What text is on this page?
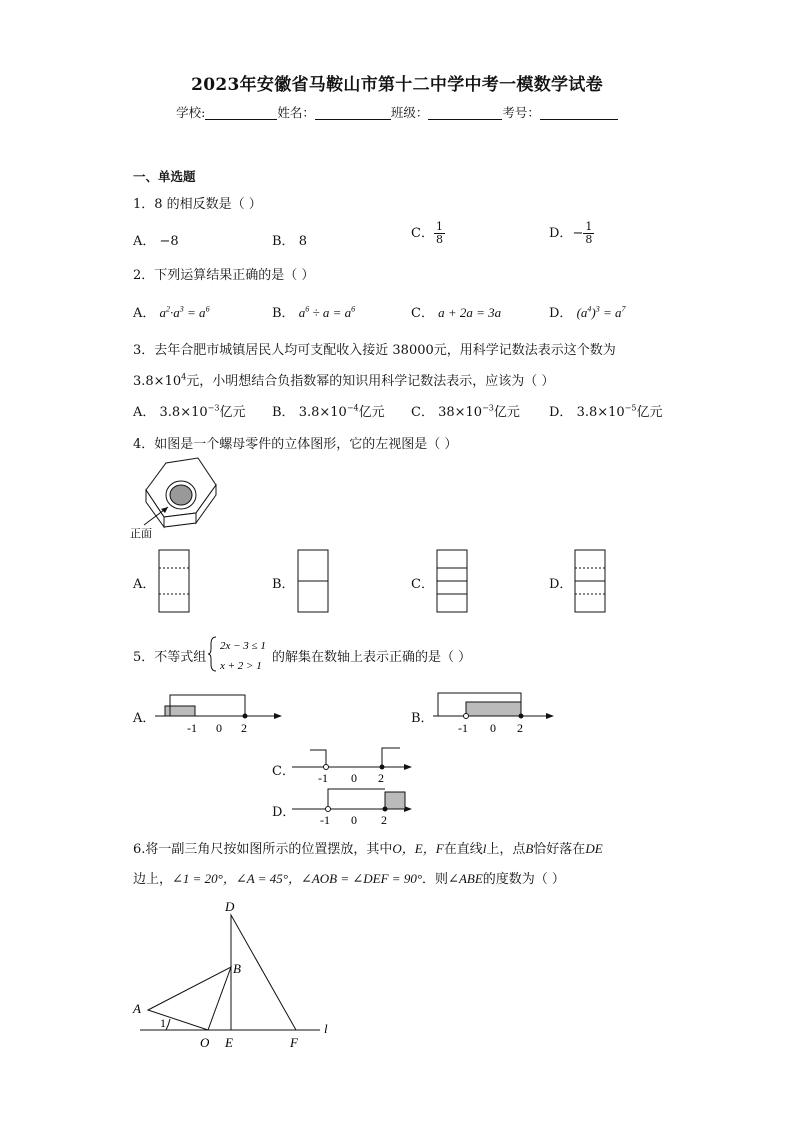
2023年安徽省马鞍山市第十二中学中考一模数学试卷
学校:	姓名：	班级：	考号：
一、单选题
1．8 的相反数是（ ）
A． −8	B． 8
C． $\frac{1}{8}$	D．− $\frac{1}{8}$
2．下列运算结果正确的是（ ）
A． $a^2\cdot a^3 = a^6$	B． $a^6 \div a = a^6$	C． a + 2a = 3a	D． $(a^4)^3 = a^7$
3．去年合肥市城镇居民人均可支配收入接近 38000元，用科学记数法表示这个数为
$3.8\times 10^4$元，小明想结合负指数幂的知识用科学记数法表示，应该为（ ）
A． $3.8\times 10^{-3}$亿元 B． $3.8\times 10^{-4}$亿元 C． $38\times 10^{-3}$亿元 D． $3.8\times 10^{-5}$亿元
4．如图是一个螺母零件的立体图形，它的左视图是（ ）
正面
A．	B．	C．	D．
5．不等式组
2x − 3 ≤ 1
x + 2 > 1
的解集在数轴上表示正确的是（ ）
A．
-1 0 2
B．
-1 0 2
C． -1 0 2
D． -1 0 2
6.将一副三角尺按如图所示的位置摆放，其中O，E，F在直线l上，点B恰好落在DE
边上，∠1 = 20°，∠A = 45°，∠AOB = ∠DEF = 90°．则∠ABE的度数为（ ）
D
B
A
1
O E	F
l
